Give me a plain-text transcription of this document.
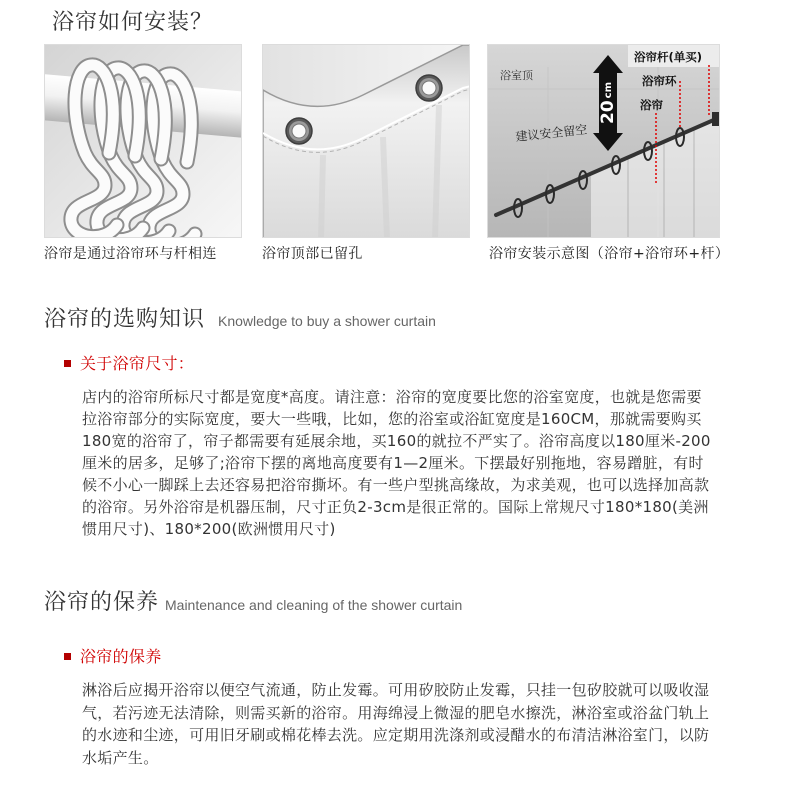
浴帘如何安装？
浴帘是通过浴帘环与杆相连	浴帘顶部已留孔
20cm
浴室顶
建议安全留空
浴帘杆(单买)
浴帘环
浴帘
浴帘安装示意图（浴帘+浴帘环+杆）
浴帘的选购知识 Knowledge to buy a shower curtain
关于浴帘尺寸：
店内的浴帘所标尺寸都是宽度*高度。请注意：浴帘的宽度要比您的浴室宽度，也就是您需要
拉浴帘部分的实际宽度，要大一些哦，比如，您的浴室或浴缸宽度是160CM，那就需要购买
180宽的浴帘了，帘子都需要有延展余地，买160的就拉不严实了。浴帘高度以180厘米-200
厘米的居多，足够了;浴帘下摆的离地高度要有1—2厘米。下摆最好别拖地，容易蹭脏，有时
候不小心一脚踩上去还容易把浴帘撕坏。有一些户型挑高缘故，为求美观，也可以选择加高款
的浴帘。另外浴帘是机器压制，尺寸正负2-3cm是很正常的。国际上常规尺寸180*180(美洲
惯用尺寸)、180*200(欧洲惯用尺寸)
浴帘的保养 Maintenance and cleaning of the shower curtain
浴帘的保养
淋浴后应揭开浴帘以便空气流通，防止发霉。可用矽胶防止发霉，只挂一包矽胶就可以吸收湿
气，若污迹无法清除，则需买新的浴帘。用海绵浸上微湿的肥皂水擦洗，淋浴室或浴盆门轨上
的水迹和尘迹，可用旧牙刷或棉花棒去洗。应定期用洗涤剂或浸醋水的布清洁淋浴室门，以防
水垢产生。
